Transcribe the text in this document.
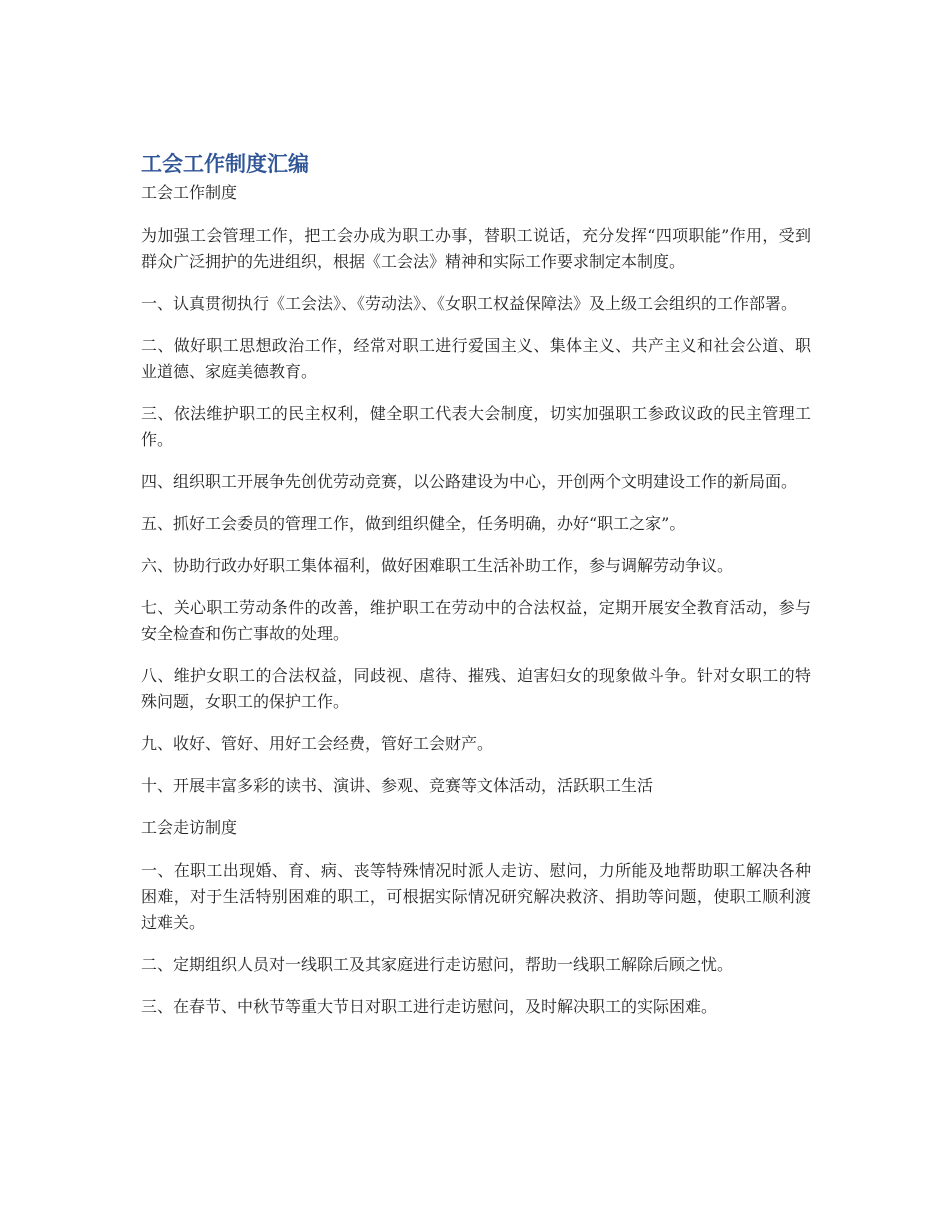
工会工作制度汇编

工会工作制度

为加强工会管理工作，把工会办成为职工办事，替职工说话，充分发挥“四项职能”作用，受到群众广泛拥护的先进组织，根据《工会法》精神和实际工作要求制定本制度。

一、认真贯彻执行《工会法》、《劳动法》、《女职工权益保障法》及上级工会组织的工作部署。

二、做好职工思想政治工作，经常对职工进行爱国主义、集体主义、共产主义和社会公道、职业道德、家庭美德教育。

三、依法维护职工的民主权利，健全职工代表大会制度，切实加强职工参政议政的民主管理工作。

四、组织职工开展争先创优劳动竞赛，以公路建设为中心，开创两个文明建设工作的新局面。

五、抓好工会委员的管理工作，做到组织健全，任务明确，办好“职工之家”。

六、协助行政办好职工集体福利，做好困难职工生活补助工作，参与调解劳动争议。

七、关心职工劳动条件的改善，维护职工在劳动中的合法权益，定期开展安全教育活动，参与安全检查和伤亡事故的处理。

八、维护女职工的合法权益，同歧视、虐待、摧残、迫害妇女的现象做斗争。针对女职工的特殊问题，女职工的保护工作。

九、收好、管好、用好工会经费，管好工会财产。

十、开展丰富多彩的读书、演讲、参观、竞赛等文体活动，活跃职工生活

工会走访制度

一、在职工出现婚、育、病、丧等特殊情况时派人走访、慰问，力所能及地帮助职工解决各种困难，对于生活特别困难的职工，可根据实际情况研究解决救济、捐助等问题，使职工顺利渡过难关。

二、定期组织人员对一线职工及其家庭进行走访慰问，帮助一线职工解除后顾之忧。

三、在春节、中秋节等重大节日对职工进行走访慰问，及时解决职工的实际困难。
